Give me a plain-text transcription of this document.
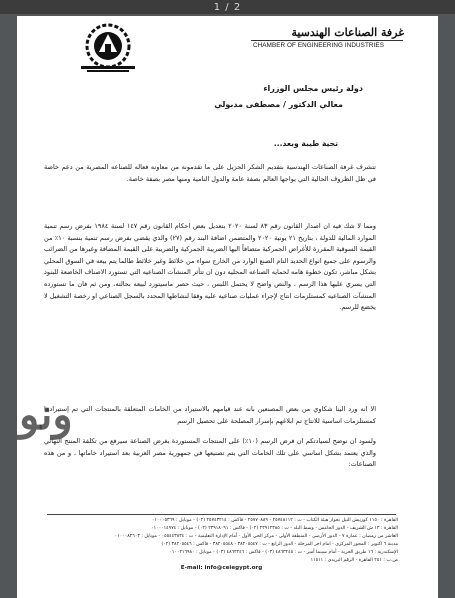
1 / 2
غرفة الصناعات الهندسية
CHAMBER OF ENGINEERING INDUSTRIES
دولة رئيس مجلس الوزراء
معالي الدكتور / مصطفى مدبولي
تحية طيبة وبعد...

تتشرف غرفة الصناعات الهندسية بتقديم الشكر الجزيل على ما تقدمونه من معاونه فعاله للصناعه المصرية من دعم خاصة في ظل الظروف الحالية التي يواجها العالم بصفة عامة والدول النامية ومنها مصر بصفة خاصة.

ومما لا شك فيه ان اصدار القانون رقم ٨٣ لسنة ٢٠٢٠ بتعديل بعض احكام القانون رقم ١٤٧ لسنة ١٩٨٤ بفرض رسم تنمية الموارد المالية للدولة ، بتاريخ ٢١ يونية ٢٠٢٠ والمتضمن اضافة البند رقم (٢٧) والذي يقضي بفرض رسم تنمية بنسبة ١٠٪ من القيمة السوقية المقررة للأغراض الجمركية متضافاً اليها الضريبة الجمركية والضريبة على القيمة المضافة وغيرها من الضرائب والرسوم على جميع انواع الحديد التام الصنع الوارد من الخارج سواء من خلائط وغير خلائط طالما يتم بيعه في السوق المحلي بشكل مباشر، تكون خطوة هامه لحمايه الصناعه المحليه دون ان تتأثر المنشآت الصناعيه التي تستورد الاصناف الخاضعة للبنود التي يسري عليها هذا الرسم ، والنص واضح لا يحتمل اللبس ، حيث حصر ماسيتورد لبيعه بحالته، ومن ثم فان ما تستورده المنشآت الصناعيه كمستلزمات انتاج لإجراء عمليات صناعيه عليه وفقا لنشاطها المحدد بالسجل الصناعي او رخصة التشغيل لا يخضع للرسم.

الا انه ورد الينا شكاوي من بعض المصنعين بانه عند قيامهم بالاستيراد من الخامات المتعلقة بالمنتجات التي تم إستيرادها كمستلزمات اساسية للانتاج تم ابلاغهم بإسرار المصلحة على تحصيل الرسم

ولسود ان نوضح لسيادتكم ان فرض الرسم (١٠٪) على المنتجات المستوردة بغرض الصناعة سيرفع من تكلفة المنتج النهائي والذي يعتمد بشكل اساسي على تلك الخامات التي يتم تصنيعها في جمهورية مصر العربية بعد استيراد خاماتها ، و من هذه الصناعات:

ونو
القاهرة : ١١٥٠ كورنيش النيل بجوار هيئة الكتاب - ت : ٢٥٧٤٨١١٢ - ٢٥٧٧٠٨٨٩ - فاكس : ٢٥٧٤٣٢١٤ (٠٢) - موبايل : ٠١٠٠٠٥٣٦٩
القاهرة : ١٣ ش الشريف - الدور الخامس - وسط البلد - ت : ٢٣٩١٢٣٨٥ (٠٢) - فاكس : ٢٣٩١٨٠٩١ (٠٢) - موبايل : ٠١٠٠٠١٤٩٧٤
العاشر من رمضان : عمارة ٧ - الدور الأرضى - المنطقة الأولى - مركز الحي الأول - أمام الإدارة التعليمية - ت : ٠٥٥٤٤٣٨٣٤ - موبايل : ٠١٠٠٠٨٢٦٠٣
مدينة ٦ اكتوبر : المحور المركزي - امام اخر المرحلة - الدور الرابع - ت : ٣٨٢٠٥٥٤٧ - ٣٨٢٠٥٥٤٨ - فاكس : ٣٨٢٠٥٥٤٦ (٠٢)
الإسكندرية : ١٦ طريق الحرية - أمام سينما أمير - ت : ٤٨٦٣٢٤٥ (٠٣) - فاكس : ٤٨٦٣٢٤٦ (٠٣) - موبايل : ٠١٠٠٢١٦٩٨٠
ص.ب : ٢٥١ القاهرة - الرقم البريدي : ١١٥١١
E-mail: info@ceiegypt.org
